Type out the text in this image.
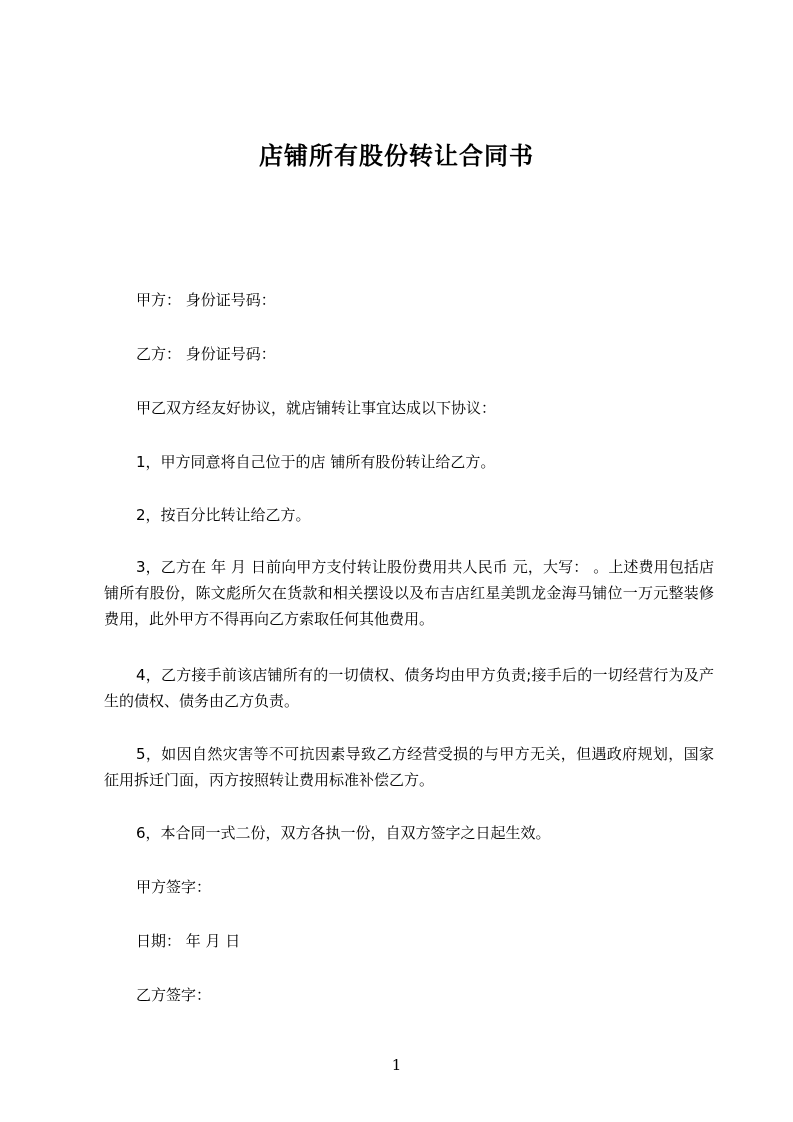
店铺所有股份转让合同书
甲方： 身份证号码：
乙方： 身份证号码：
甲乙双方经友好协议，就店铺转让事宜达成以下协议：
1，甲方同意将自己位于的店 铺所有股份转让给乙方。
2，按百分比转让给乙方。
3，乙方在 年 月 日前向甲方支付转让股份费用共人民币 元，大写： 。上述费用包括店铺所有股份，陈文彪所欠在货款和相关摆设以及布吉店红星美凯龙金海马铺位一万元整装修费用，此外甲方不得再向乙方索取任何其他费用。
4，乙方接手前该店铺所有的一切债权、债务均由甲方负责;接手后的一切经营行为及产生的债权、债务由乙方负责。
5，如因自然灾害等不可抗因素导致乙方经营受损的与甲方无关，但遇政府规划，国家征用拆迁门面，丙方按照转让费用标准补偿乙方。
6，本合同一式二份，双方各执一份，自双方签字之日起生效。
甲方签字：
日期： 年 月 日
乙方签字：
1
